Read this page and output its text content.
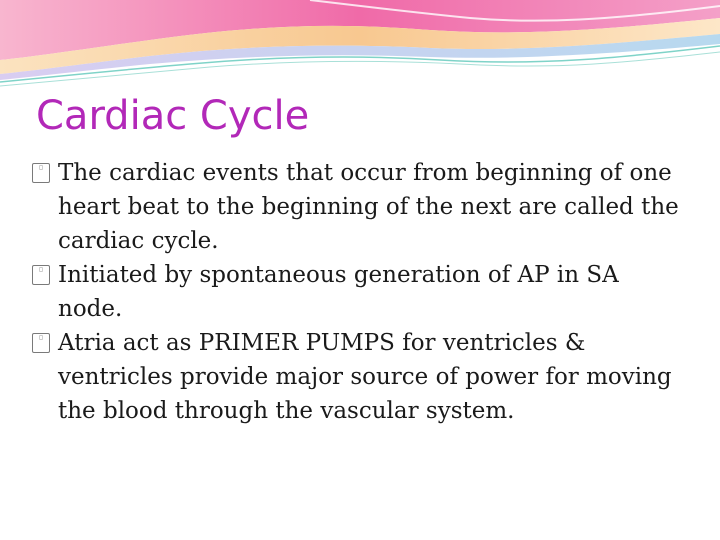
Cardiac Cycle
□ The cardiac events that occur from beginning of one heart beat to the beginning of the next are called the cardiac cycle.
□ Initiated by spontaneous generation of AP in SA node.
□ Atria act as PRIMER PUMPS for ventricles & ventricles provide major source of power for moving the blood through the vascular system.
